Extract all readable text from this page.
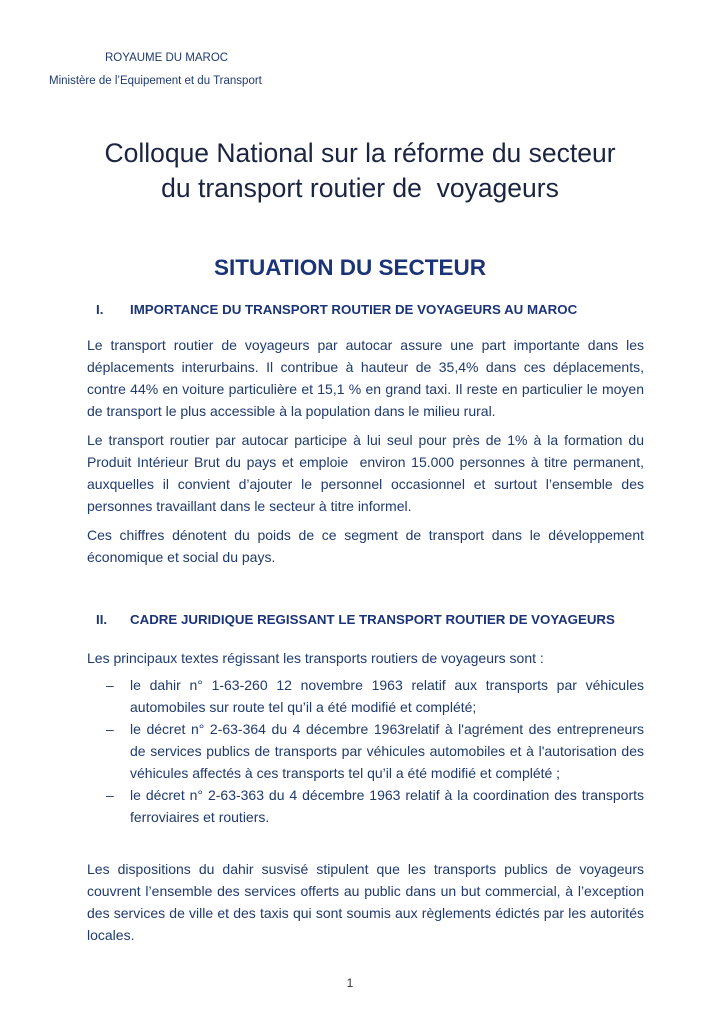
ROYAUME DU MAROC
Ministère de l’Equipement et du Transport
Colloque National sur la réforme du secteur
du transport routier de  voyageurs
SITUATION DU SECTEUR
I. IMPORTANCE DU TRANSPORT ROUTIER DE VOYAGEURS AU MAROC

Le transport routier de voyageurs par autocar assure une part importante dans les déplacements interurbains. Il contribue à hauteur de 35,4% dans ces déplacements, contre 44% en voiture particulière et 15,1 % en grand taxi. Il reste en particulier le moyen de transport le plus accessible à la population dans le milieu rural.

Le transport routier par autocar participe à lui seul pour près de 1% à la formation du Produit Intérieur Brut du pays et emploie  environ 15.000 personnes à titre permanent, auxquelles il convient d’ajouter le personnel occasionnel et surtout l’ensemble des personnes travaillant dans le secteur à titre informel.

Ces chiffres dénotent du poids de ce segment de transport dans le développement économique et social du pays.

II. CADRE JURIDIQUE REGISSANT LE TRANSPORT ROUTIER DE VOYAGEURS

Les principaux textes régissant les transports routiers de voyageurs sont :

– le dahir n° 1-63-260 12 novembre 1963 relatif aux transports par véhicules automobiles sur route tel qu’il a été modifié et complété;
– le décret n° 2-63-364 du 4 décembre 1963relatif à l'agrément des entrepreneurs de services publics de transports par véhicules automobiles et à l'autorisation des véhicules affectés à ces transports tel qu’il a été modifié et complété ;
– le décret n° 2-63-363 du 4 décembre 1963 relatif à la coordination des transports ferroviaires et routiers.

Les dispositions du dahir susvisé stipulent que les transports publics de voyageurs couvrent l’ensemble des services offerts au public dans un but commercial, à l’exception des services de ville et des taxis qui sont soumis aux règlements édictés par les autorités locales.

1
